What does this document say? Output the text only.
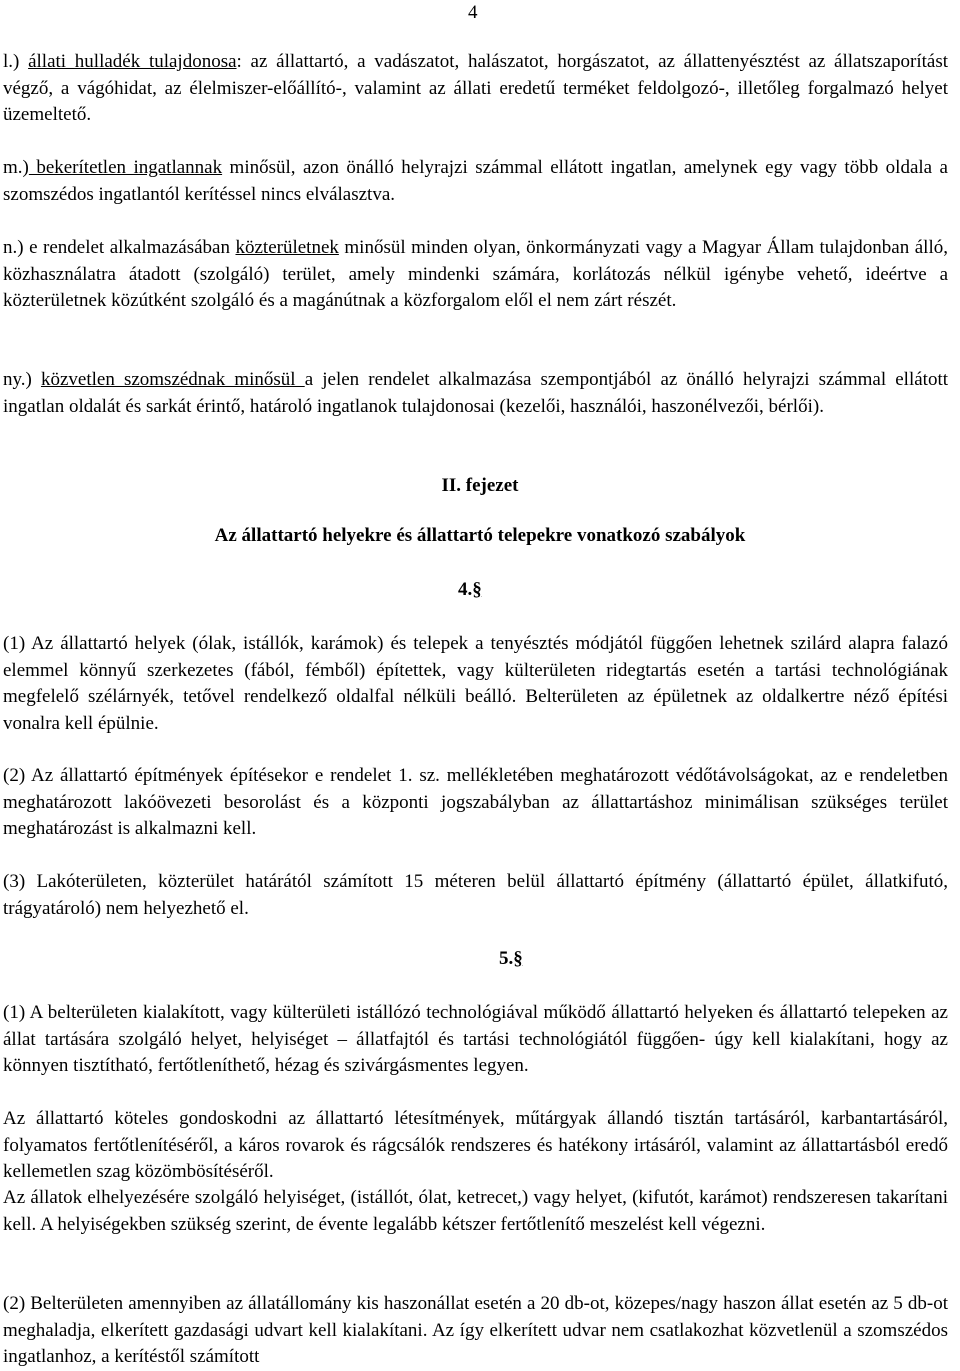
4

l.) állati hulladék tulajdonosa: az állattartó, a vadászatot, halászatot, horgászatot, az állattenyésztést az állatszaporítást végző, a vágóhidat, az élelmiszer-előállító-, valamint az állati eredetű terméket feldolgozó-, illetőleg forgalmazó helyet üzemeltető.

m.) bekerítetlen ingatlannak minősül, azon önálló helyrajzi számmal ellátott ingatlan, amelynek egy vagy több oldala a szomszédos ingatlantól kerítéssel nincs elválasztva.

n.) e rendelet alkalmazásában közterületnek minősül minden olyan, önkormányzati vagy a Magyar Állam tulajdonban álló, közhasználatra átadott (szolgáló) terület, amely mindenki számára, korlátozás nélkül igénybe vehető, ideértve a közterületnek közútként szolgáló és a magánútnak a közforgalom elől el nem zárt részét.

ny.) közvetlen szomszédnak minősül a jelen rendelet alkalmazása szempontjából az önálló helyrajzi számmal ellátott ingatlan oldalát és sarkát érintő, határoló ingatlanok tulajdonosai (kezelői, használói, haszonélvezői, bérlői).

II. fejezet
Az állattartó helyekre és állattartó telepekre vonatkozó szabályok
4.§

(1) Az állattartó helyek (ólak, istállók, karámok) és telepek a tenyésztés módjától függően lehetnek szilárd alapra falazó elemmel könnyű szerkezetes (fából, fémből) építettek, vagy külterületen ridegtartás esetén a tartási technológiának megfelelő szélárnyék, tetővel rendelkező oldalfal nélküli beálló. Belterületen az épületnek az oldalkertre néző építési vonalra kell épülnie.

(2) Az állattartó építmények építésekor e rendelet 1. sz. mellékletében meghatározott védőtávolságokat, az e rendeletben meghatározott lakóövezeti besorolást és a központi jogszabályban az állattartáshoz minimálisan szükséges terület meghatározást is alkalmazni kell.

(3) Lakóterületen, közterület határától számított 15 méteren belül állattartó építmény (állattartó épület, állatkifutó, trágyatároló) nem helyezhető el.

5.§

(1) A belterületen kialakított, vagy külterületi istállózó technológiával működő állattartó helyeken és állattartó telepeken az állat tartására szolgáló helyet, helyiséget – állatfajtól és tartási technológiától függően- úgy kell kialakítani, hogy az könnyen tisztítható, fertőtleníthető, hézag és szivárgásmentes legyen.

Az állattartó köteles gondoskodni az állattartó létesítmények, műtárgyak állandó tisztán tartásáról, karbantartásáról, folyamatos fertőtlenítéséről, a káros rovarok és rágcsálók rendszeres és hatékony irtásáról, valamint az állattartásból eredő kellemetlen szag közömbösítéséről.

Az állatok elhelyezésére szolgáló helyiséget, (istállót, ólat, ketrecet,) vagy helyet, (kifutót, karámot) rendszeresen takarítani kell. A helyiségekben szükség szerint, de évente legalább kétszer fertőtlenítő meszelést kell végezni.

(2) Belterületen amennyiben az állatállomány kis haszonállat esetén a 20 db-ot, közepes/nagy haszon állat esetén az 5 db-ot meghaladja, elkerített gazdasági udvart kell kialakítani. Az így elkerített udvar nem csatlakozhat közvetlenül a szomszédos ingatlanhoz, a kerítéstől számított
